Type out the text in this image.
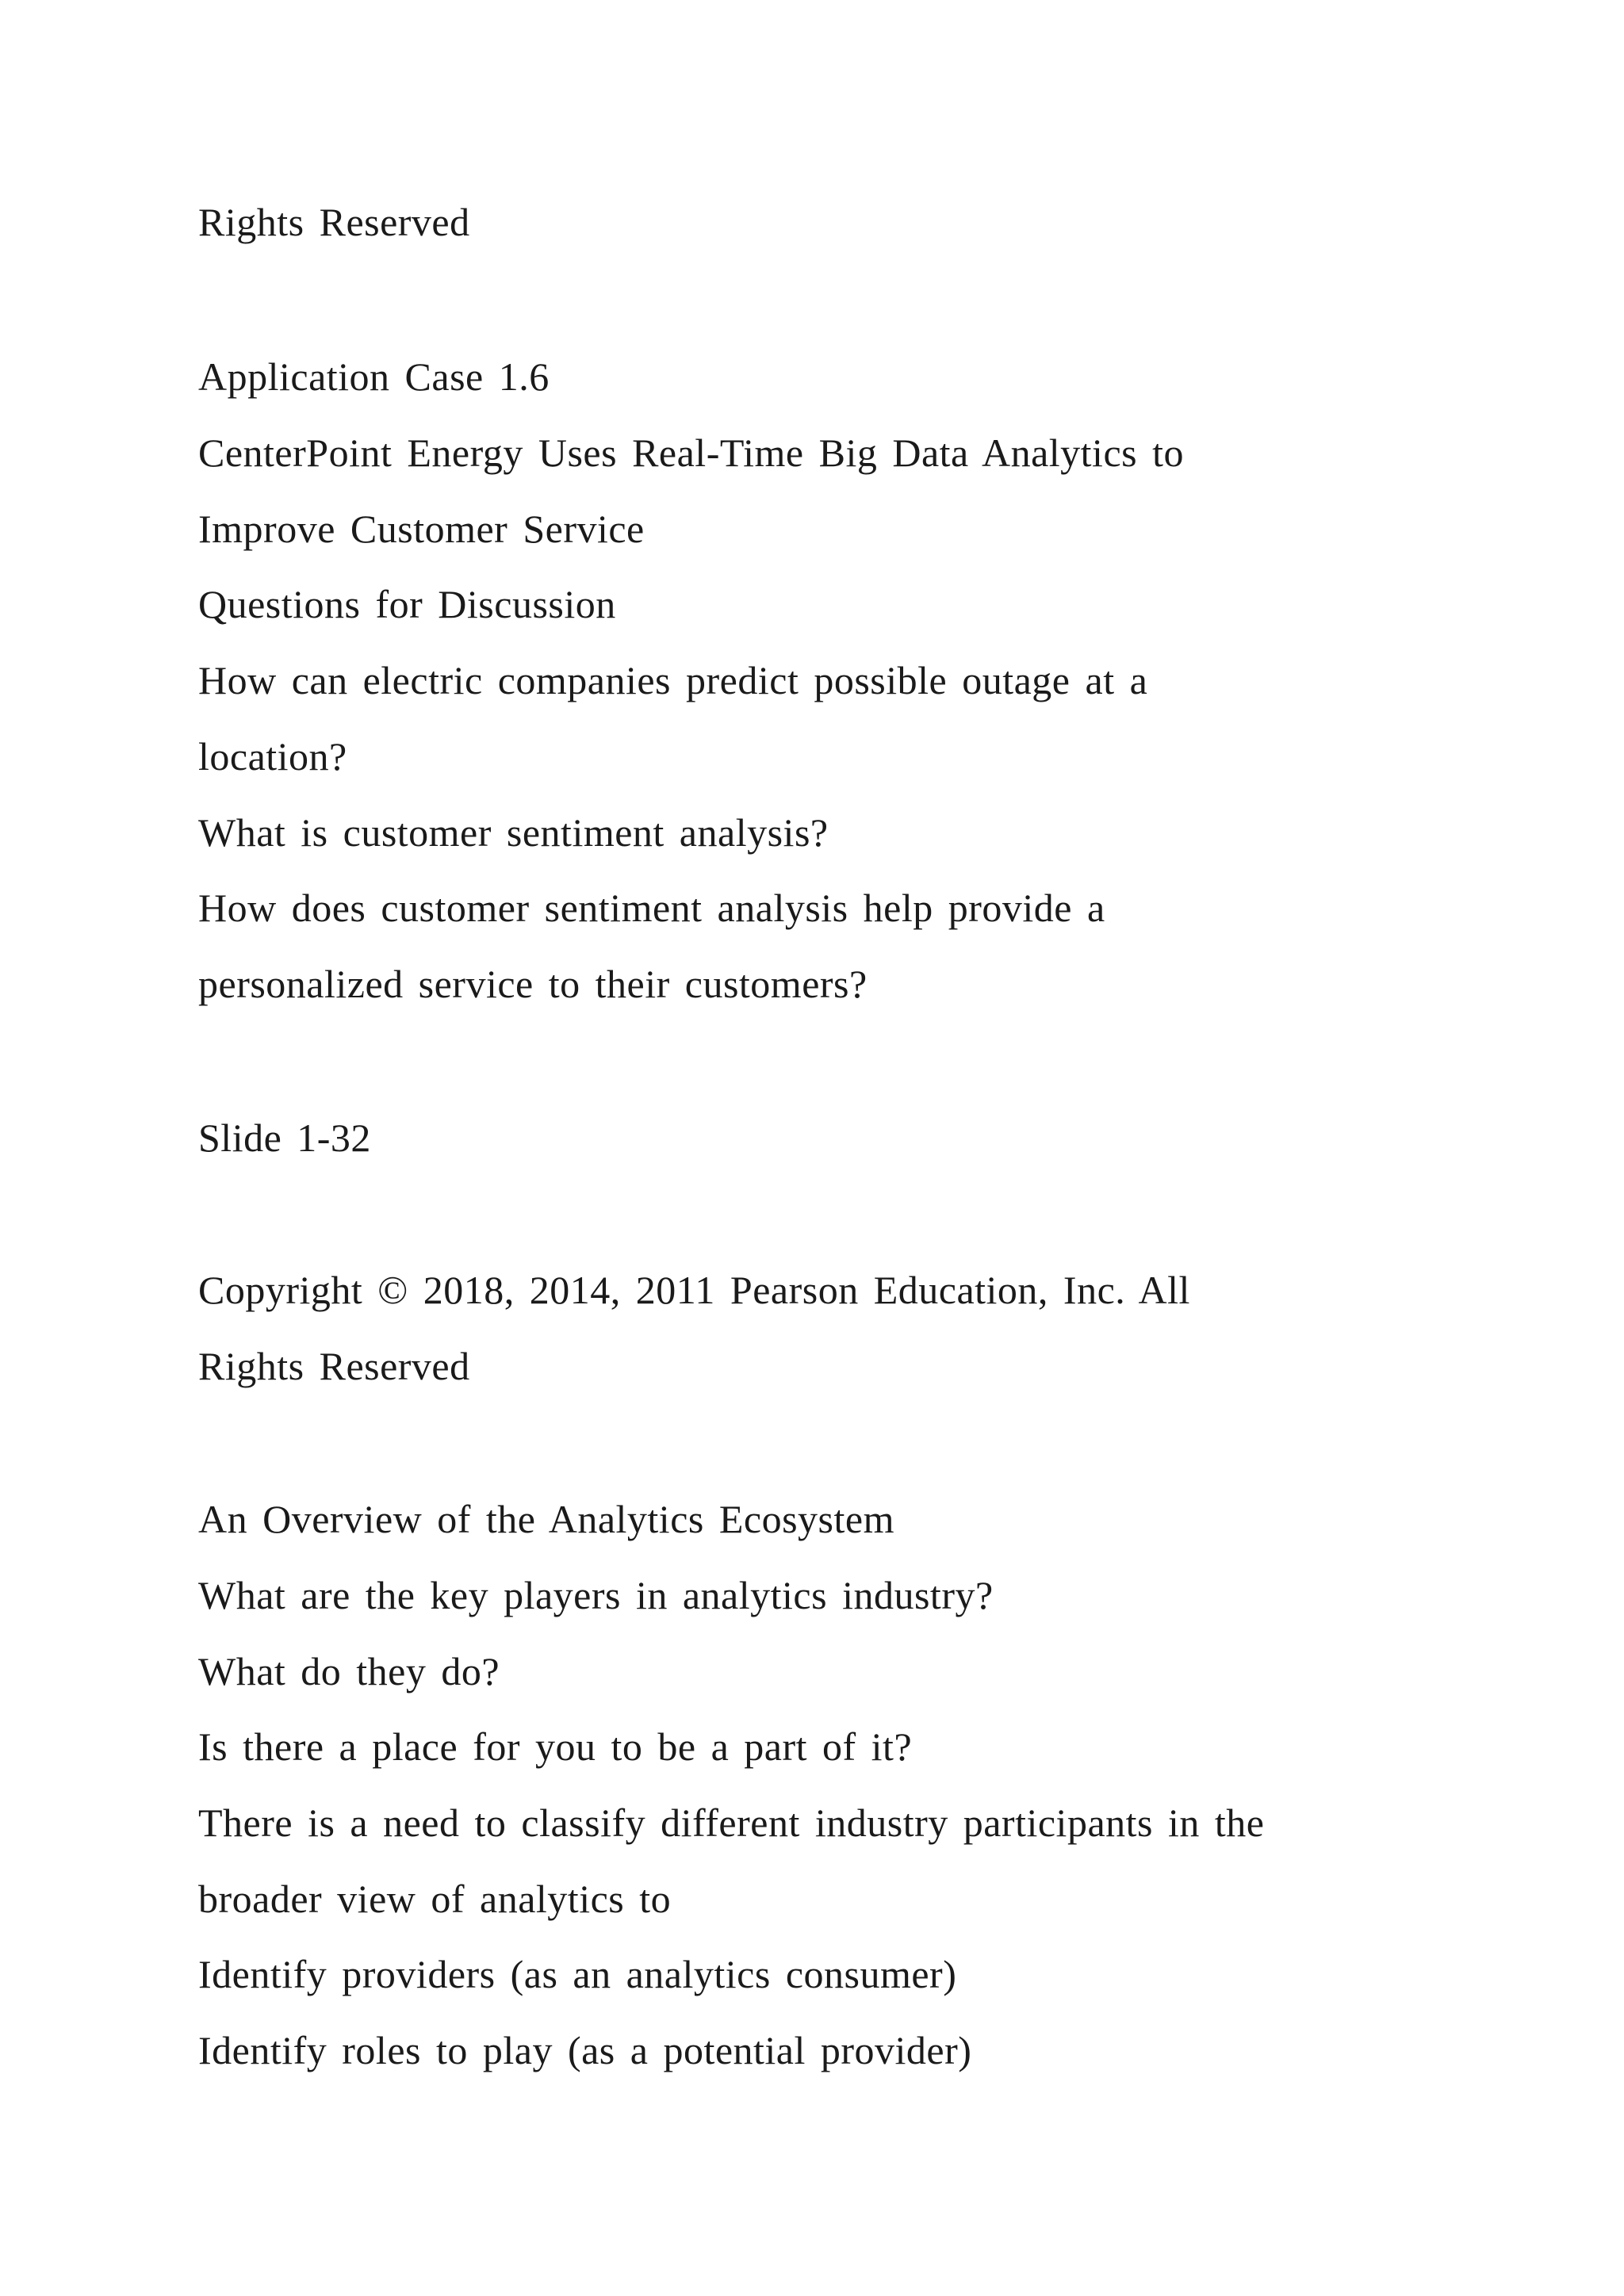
Rights Reserved
Application Case 1.6
CenterPoint Energy Uses Real-Time Big Data Analytics to
Improve Customer Service
Questions for Discussion
How can electric companies predict possible outage at a
location?
What is customer sentiment analysis?
How does customer sentiment analysis help provide a
personalized service to their customers?
Slide 1-32
Copyright © 2018, 2014, 2011 Pearson Education, Inc. All
Rights Reserved
An Overview of the Analytics Ecosystem
What are the key players in analytics industry?
What do they do?
Is there a place for you to be a part of it?
There is a need to classify different industry participants in the
broader view of analytics to
Identify providers (as an analytics consumer)
Identify roles to play (as a potential provider)
